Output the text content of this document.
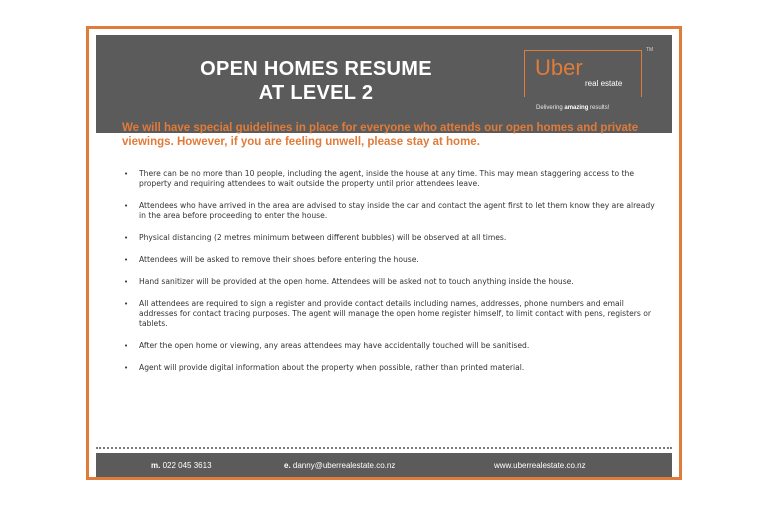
OPEN HOMES RESUME
AT LEVEL 2
Uber
real estate
TM
Delivering amazing results!
We will have special guidelines in place for everyone who attends our open homes and private viewings. However, if you are feeling unwell, please stay at home.
• There can be no more than 10 people, including the agent, inside the house at any time. This may mean staggering access to the property and requiring attendees to wait outside the property until prior attendees leave.
• Attendees who have arrived in the area are advised to stay inside the car and contact the agent first to let them know they are already in the area before proceeding to enter the house.
• Physical distancing (2 metres minimum between different bubbles) will be observed at all times.
• Attendees will be asked to remove their shoes before entering the house.
• Hand sanitizer will be provided at the open home. Attendees will be asked not to touch anything inside the house.
• All attendees are required to sign a register and provide contact details including names, addresses, phone numbers and email addresses for contact tracing purposes. The agent will manage the open home register himself, to limit contact with pens, registers or tablets.
• After the open home or viewing, any areas attendees may have accidentally touched will be sanitised.
• Agent will provide digital information about the property when possible, rather than printed material.
m. 022 045 3613	e. danny@uberrealestate.co.nz	www.uberrealestate.co.nz
